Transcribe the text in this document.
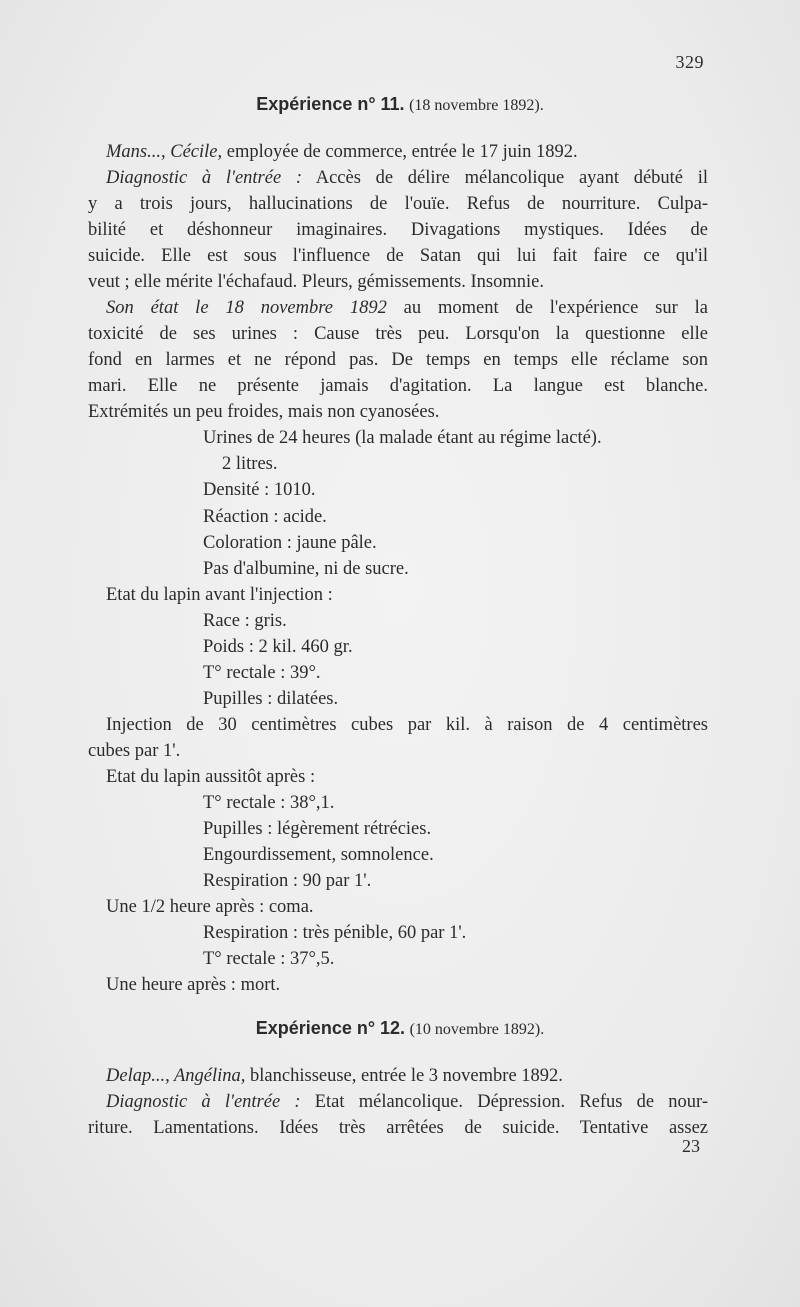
329
Expérience n° 11. (18 novembre 1892).
Mans..., Cécile, employée de commerce, entrée le 17 juin 1892.
Diagnostic à l'entrée : Accès de délire mélancolique ayant débuté il
y a trois jours, hallucinations de l'ouïe. Refus de nourriture. Culpa-
bilité et déshonneur imaginaires. Divagations mystiques. Idées de
suicide. Elle est sous l'influence de Satan qui lui fait faire ce qu'il
veut ; elle mérite l'échafaud. Pleurs, gémissements. Insomnie.
Son état le 18 novembre 1892 au moment de l'expérience sur la
toxicité de ses urines : Cause très peu. Lorsqu'on la questionne elle
fond en larmes et ne répond pas. De temps en temps elle réclame son
mari. Elle ne présente jamais d'agitation. La langue est blanche.
Extrémités un peu froides, mais non cyanosées.
Urines de 24 heures (la malade étant au régime lacté).
2 litres.
Densité : 1010.
Réaction : acide.
Coloration : jaune pâle.
Pas d'albumine, ni de sucre.
Etat du lapin avant l'injection :
Race : gris.
Poids : 2 kil. 460 gr.
T° rectale : 39°.
Pupilles : dilatées.
Injection de 30 centimètres cubes par kil. à raison de 4 centimètres
cubes par 1'.
Etat du lapin aussitôt après :
T° rectale : 38°,1.
Pupilles : légèrement rétrécies.
Engourdissement, somnolence.
Respiration : 90 par 1'.
Une 1/2 heure après : coma.
Respiration : très pénible, 60 par 1'.
T° rectale : 37°,5.
Une heure après : mort.
Expérience n° 12. (10 novembre 1892).
Delap..., Angélina, blanchisseuse, entrée le 3 novembre 1892.
Diagnostic à l'entrée : Etat mélancolique. Dépression. Refus de nour-
riture. Lamentations. Idées très arrêtées de suicide. Tentative assez
23
